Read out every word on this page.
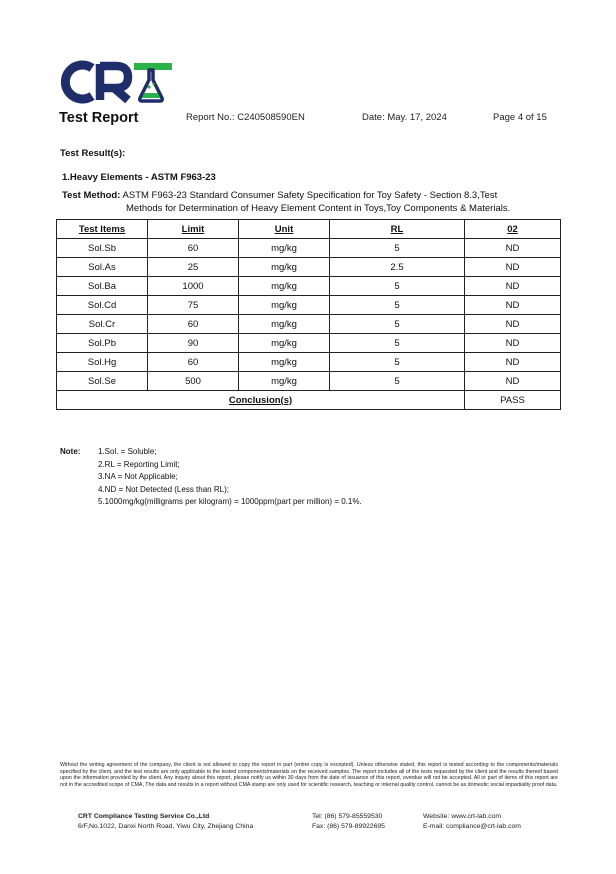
Test Report	Report No.: C240508590EN	Date: May. 17, 2024	Page 4 of 15
Test Result(s):
1.Heavy Elements - ASTM F963-23
Test Method: ASTM F963-23 Standard Consumer Safety Specification for Toy Safety - Section 8.3,Test
Methods for Determination of Heavy Element Content in Toys,Toy Components & Materials.
Test Items	Limit	Unit	RL	02
Sol.Sb	60	mg/kg	5	ND
Sol.As	25	mg/kg	2.5	ND
Sol.Ba	1000	mg/kg	5	ND
Sol.Cd	75	mg/kg	5	ND
Sol.Cr	60	mg/kg	5	ND
Sol.Pb	90	mg/kg	5	ND
Sol.Hg	60	mg/kg	5	ND
Sol.Se	500	mg/kg	5	ND
Conclusion(s)				PASS
Note: 1.Sol. = Soluble;
2.RL = Reporting Limit;
3.NA = Not Applicable;
4.ND = Not Detected (Less than RL);
5.1000mg/kg(milligrams per kilogram) = 1000ppm(part per million) = 0.1%.
Without the writing agreement of the company, the client is not allowed to copy the report in part (entire copy is excepted). Unless otherwise stated, this report is tested according to the components/materials specified by the client, and the test results are only applicable to the tested components/materials on the received samples. The report includes all of the tests requested by the client and the results thereof based upon the information provided by the client. Any inquiry about this report, please notify us within 30 days from the date of issuance of this report, overdue will not be accepted. All or part of items of this report are not in the accredited scope of CMA, The data and results in a report without CMA stamp are only used for scientific research, teaching or internal quality control, cannot be as domestic social impartiality proof data.
CRT Compliance Testing Service Co.,Ltd
6/F,No.1022, Danxi North Road, Yiwu City, Zhejiang China
Tel: (86) 579-85559530
Fax: (86) 579-89922695
Website: www.crt-lab.com
E-mail: compliance@crt-lab.com
